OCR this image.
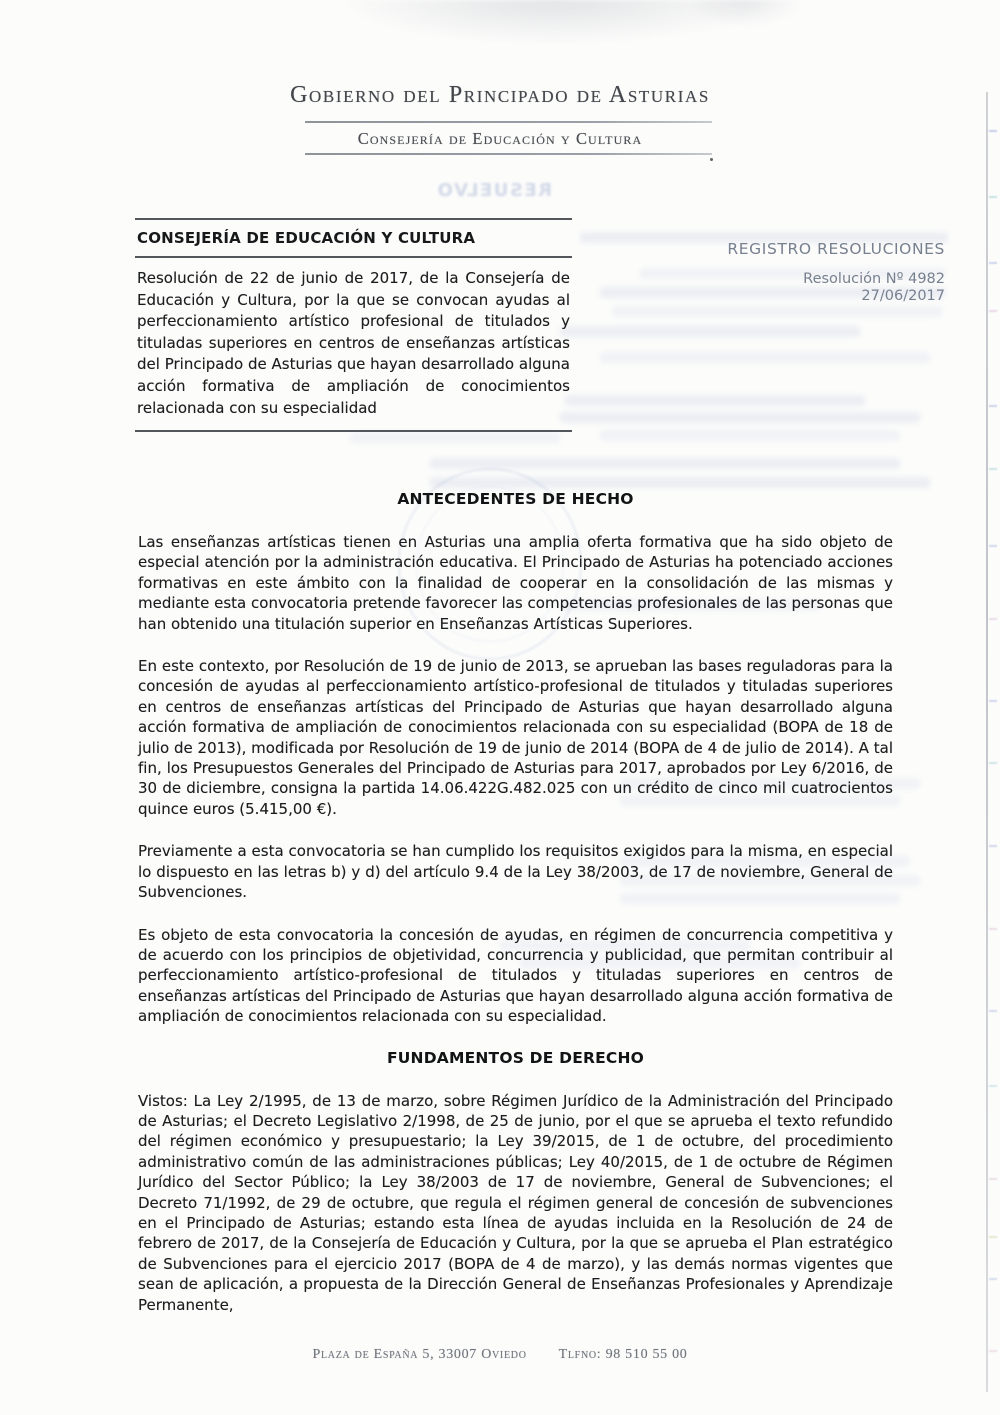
RESUELVO
Gobierno del Principado de Asturias
Consejería de Educación y Cultura
CONSEJERÍA DE EDUCACIÓN Y CULTURA
Resolución de 22 de junio de 2017, de la Consejería de Educación y Cultura, por la que se convocan ayudas al perfeccionamiento artístico profesional de titulados y tituladas superiores en centros de enseñanzas artísticas del Principado de Asturias que hayan desarrollado alguna acción formativa de ampliación de conocimientos relacionada con su especialidad
REGISTRO RESOLUCIONES
Resolución Nº 4982
27/06/2017
ANTECEDENTES DE HECHO

Las enseñanzas artísticas tienen en Asturias una amplia oferta formativa que ha sido objeto de especial atención por la administración educativa. El Principado de Asturias ha potenciado acciones formativas en este ámbito con la finalidad de cooperar en la consolidación de las mismas y mediante esta convocatoria pretende favorecer las competencias profesionales de las personas que han obtenido una titulación superior en Enseñanzas Artísticas Superiores.

En este contexto, por Resolución de 19 de junio de 2013, se aprueban las bases reguladoras para la concesión de ayudas al perfeccionamiento artístico-profesional de titulados y tituladas superiores en centros de enseñanzas artísticas del Principado de Asturias que hayan desarrollado alguna acción formativa de ampliación de conocimientos relacionada con su especialidad (BOPA de 18 de julio de 2013), modificada por Resolución de 19 de junio de 2014 (BOPA de 4 de julio de 2014). A tal fin, los Presupuestos Generales del Principado de Asturias para 2017, aprobados por Ley 6/2016, de 30 de diciembre, consigna la partida 14.06.422G.482.025 con un crédito de cinco mil cuatrocientos quince euros (5.415,00 €).

Previamente a esta convocatoria se han cumplido los requisitos exigidos para la misma, en especial lo dispuesto en las letras b) y d) del artículo 9.4 de la Ley 38/2003, de 17 de noviembre, General de Subvenciones.

Es objeto de esta convocatoria la concesión de ayudas, en régimen de concurrencia competitiva y de acuerdo con los principios de objetividad, concurrencia y publicidad, que permitan contribuir al perfeccionamiento artístico-profesional de titulados y tituladas superiores en centros de enseñanzas artísticas del Principado de Asturias que hayan desarrollado alguna acción formativa de ampliación de conocimientos relacionada con su especialidad.

FUNDAMENTOS DE DERECHO

Vistos: La Ley 2/1995, de 13 de marzo, sobre Régimen Jurídico de la Administración del Principado de Asturias; el Decreto Legislativo 2/1998, de 25 de junio, por el que se aprueba el texto refundido del régimen económico y presupuestario; la Ley 39/2015, de 1 de octubre, del procedimiento administrativo común de las administraciones públicas; Ley 40/2015, de 1 de octubre de Régimen Jurídico del Sector Público; la Ley 38/2003 de 17 de noviembre, General de Subvenciones; el Decreto 71/1992, de 29 de octubre, que regula el régimen general de concesión de subvenciones en el Principado de Asturias; estando esta línea de ayudas incluida en la Resolución de 24 de febrero de 2017, de la Consejería de Educación y Cultura, por la que se aprueba el Plan estratégico de Subvenciones para el ejercicio 2017 (BOPA de 4 de marzo), y las demás normas vigentes que sean de aplicación, a propuesta de la Dirección General de Enseñanzas Profesionales y Aprendizaje Permanente,

Plaza de España 5, 33007 Oviedo Tlfno: 98 510 55 00
